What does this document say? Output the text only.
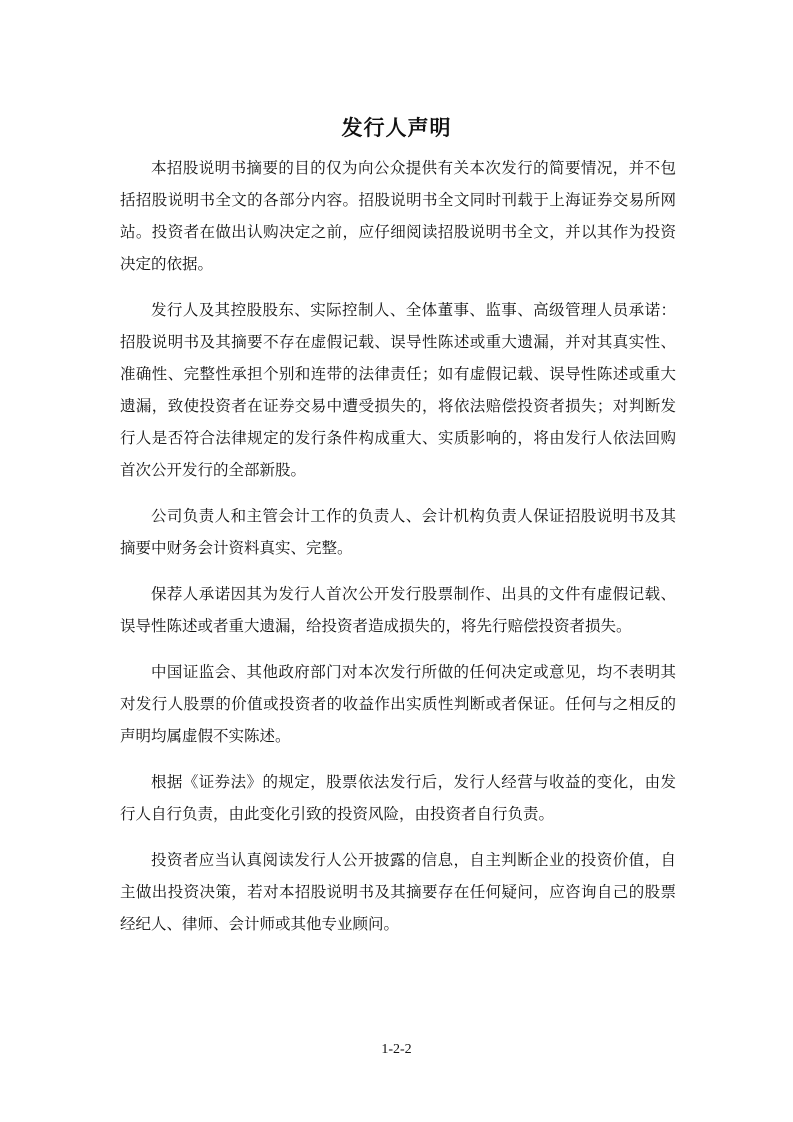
发行人声明

本招股说明书摘要的目的仅为向公众提供有关本次发行的简要情况，并不包括招股说明书全文的各部分内容。招股说明书全文同时刊载于上海证券交易所网站。投资者在做出认购决定之前，应仔细阅读招股说明书全文，并以其作为投资决定的依据。

发行人及其控股股东、实际控制人、全体董事、监事、高级管理人员承诺：招股说明书及其摘要不存在虚假记载、误导性陈述或重大遗漏，并对其真实性、准确性、完整性承担个别和连带的法律责任；如有虚假记载、误导性陈述或重大遗漏，致使投资者在证券交易中遭受损失的，将依法赔偿投资者损失；对判断发行人是否符合法律规定的发行条件构成重大、实质影响的，将由发行人依法回购首次公开发行的全部新股。

公司负责人和主管会计工作的负责人、会计机构负责人保证招股说明书及其摘要中财务会计资料真实、完整。

保荐人承诺因其为发行人首次公开发行股票制作、出具的文件有虚假记载、误导性陈述或者重大遗漏，给投资者造成损失的，将先行赔偿投资者损失。

中国证监会、其他政府部门对本次发行所做的任何决定或意见，均不表明其对发行人股票的价值或投资者的收益作出实质性判断或者保证。任何与之相反的声明均属虚假不实陈述。

根据《证券法》的规定，股票依法发行后，发行人经营与收益的变化，由发行人自行负责，由此变化引致的投资风险，由投资者自行负责。

投资者应当认真阅读发行人公开披露的信息，自主判断企业的投资价值，自主做出投资决策，若对本招股说明书及其摘要存在任何疑问，应咨询自己的股票经纪人、律师、会计师或其他专业顾问。

1-2-2
